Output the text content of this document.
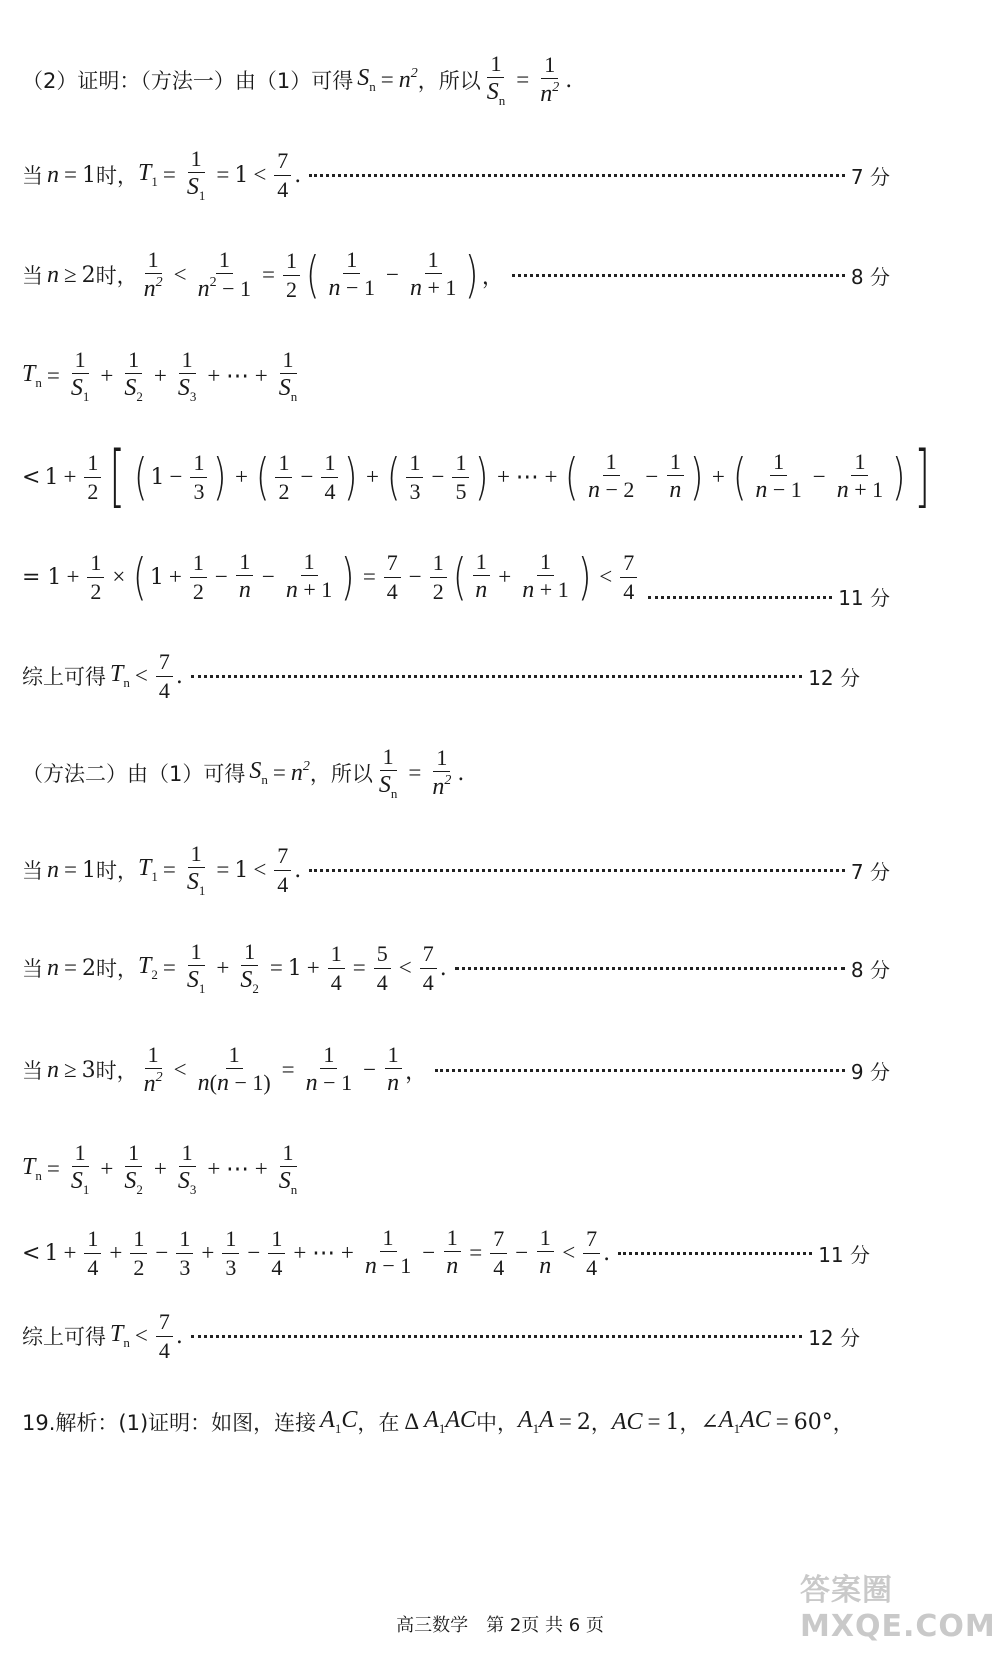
（2）证明：（方法一）由（1）可得 $S_n = n^2$ ，所以 $\frac{1}{S_n} = \frac{1}{n^2}$ .
当 n = 1 时， $T_1 = \frac{1}{S_1} = 1 < \frac{7}{4}$ .	7 分
当 n ≥ 2 时， $\frac{1}{n^2} < \frac{1}{n^2 - 1} = \frac{1}{2}$ ( $\frac{1}{n - 1} - \frac{1}{n + 1}$ ) ，	8 分
$T_n = \frac{1}{S_1} + \frac{1}{S_2} + \frac{1}{S_3}$ + ⋯ + $\frac{1}{S_n}$
< $1 + \frac{1}{2}$ [ ( $1 - \frac{1}{3}$ ) + ( $\frac{1}{2} - \frac{1}{4}$ ) + ( $\frac{1}{3} - \frac{1}{5}$ ) + ⋯ + ( $\frac{1}{n - 2} - \frac{1}{n}$ ) + ( $\frac{1}{n - 1} - \frac{1}{n + 1}$ ) ]
= $1 + \frac{1}{2}$ × ( $1 + \frac{1}{2} - \frac{1}{n} - \frac{1}{n + 1}$ ) = $\frac{7}{4} - \frac{1}{2}$ ( $\frac{1}{n} + \frac{1}{n + 1}$ ) < $\frac{7}{4}$	11 分
综上可得 $T_n < \frac{7}{4}$ .	12 分
（方法二）由（1）可得 $S_n = n^2$ ，所以 $\frac{1}{S_n} = \frac{1}{n^2}$ .
当 n = 1 时， $T_1 = \frac{1}{S_1} = 1 < \frac{7}{4}$ .	7 分
当 n = 2 时， $T_2 = \frac{1}{S_1} + \frac{1}{S_2} = 1 + \frac{1}{4} = \frac{5}{4} < \frac{7}{4}$ .	8 分
当 n ≥ 3 时， $\frac{1}{n^2} < \frac{1}{n(n - 1)} = \frac{1}{n - 1} - \frac{1}{n}$ ，	9 分
$T_n = \frac{1}{S_1} + \frac{1}{S_2} + \frac{1}{S_3}$ + ⋯ + $\frac{1}{S_n}$
< $1 + \frac{1}{4} + \frac{1}{2} - \frac{1}{3} + \frac{1}{3} - \frac{1}{4}$ + ⋯ + $\frac{1}{n - 1} - \frac{1}{n} = \frac{7}{4} - \frac{1}{n} < \frac{7}{4}$ .	11 分
综上可得 $T_n < \frac{7}{4}$ .	12 分
19.解析：(1)证明：如图，连接 $A_1C$ ，在 Δ $A_1AC$ 中， $A_1A = 2$ ， AC = 1 ， ∠ $A_1AC = 60^\circ$ ，
高三数学　第 2页 共 6 页
答案圈 MXQE.COM
